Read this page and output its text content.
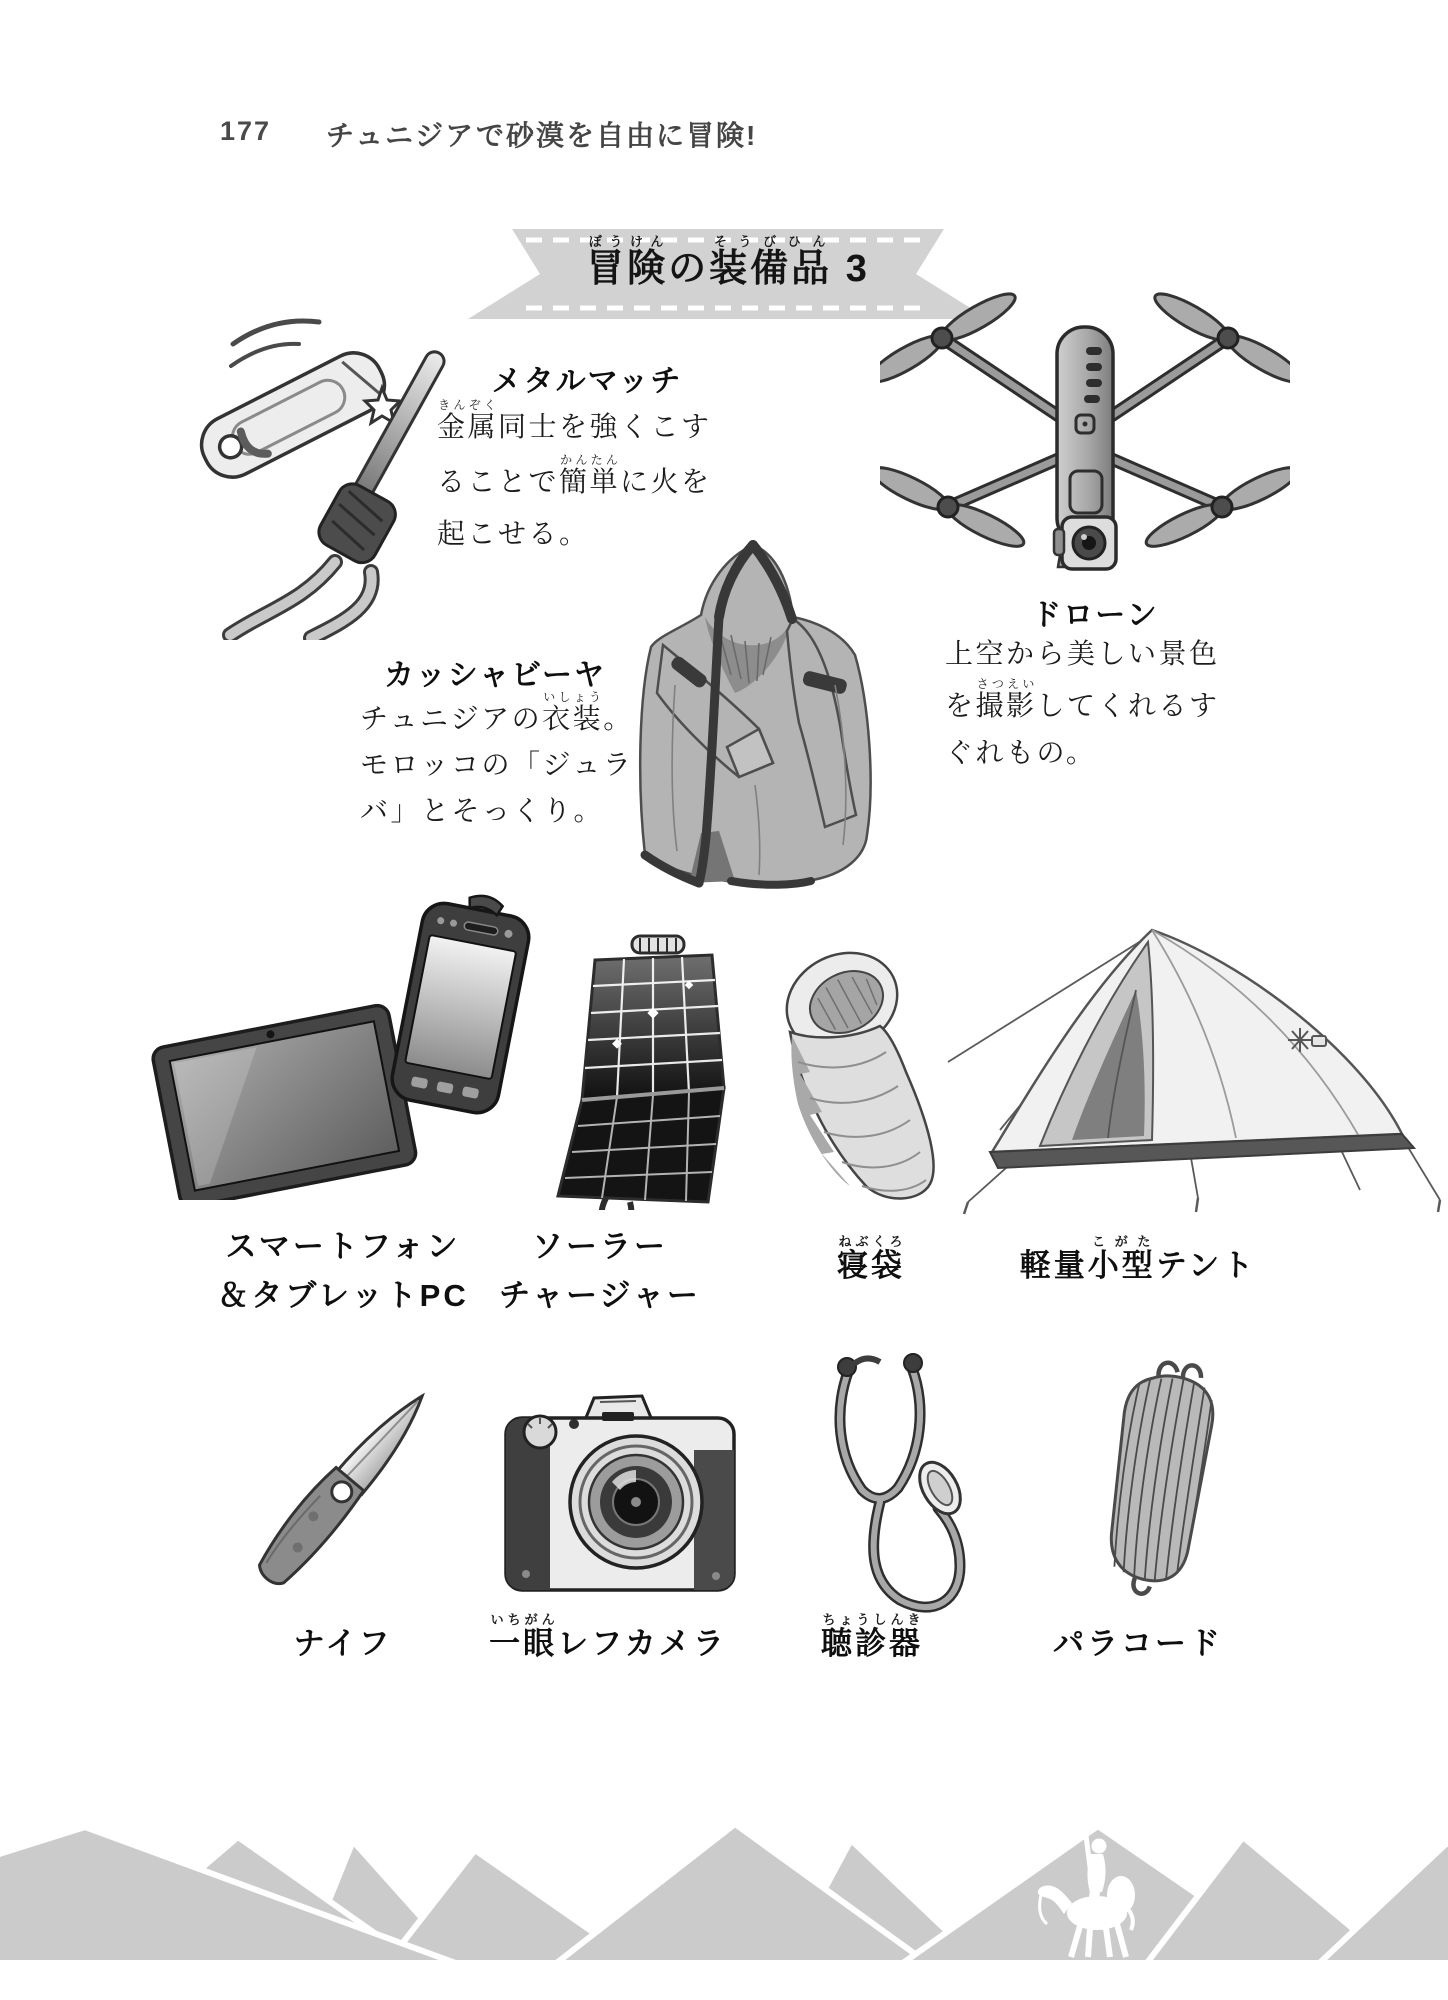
177 チュニジアで砂漠を自由に冒険!
冒険ぼうけんの装備品そうびひん 3
メタルマッチ
金属きんぞく同士を強くこす
ることで簡単かんたんに火を
起こせる。
ドローン
上空から美しい景色
を撮影さつえいしてくれるす
ぐれもの。
カッシャビーヤ
チュニジアの衣装いしょう。
モロッコの「ジュラ
バ」とそっくり。
スマートフォン
＆タブレットPC
ソーラー
チャージャー
寝袋ねぶくろ
軽量小型こがたテント
ナイフ	一眼いちがんレフカメラ	聴診器ちょうしんき
パラコード
